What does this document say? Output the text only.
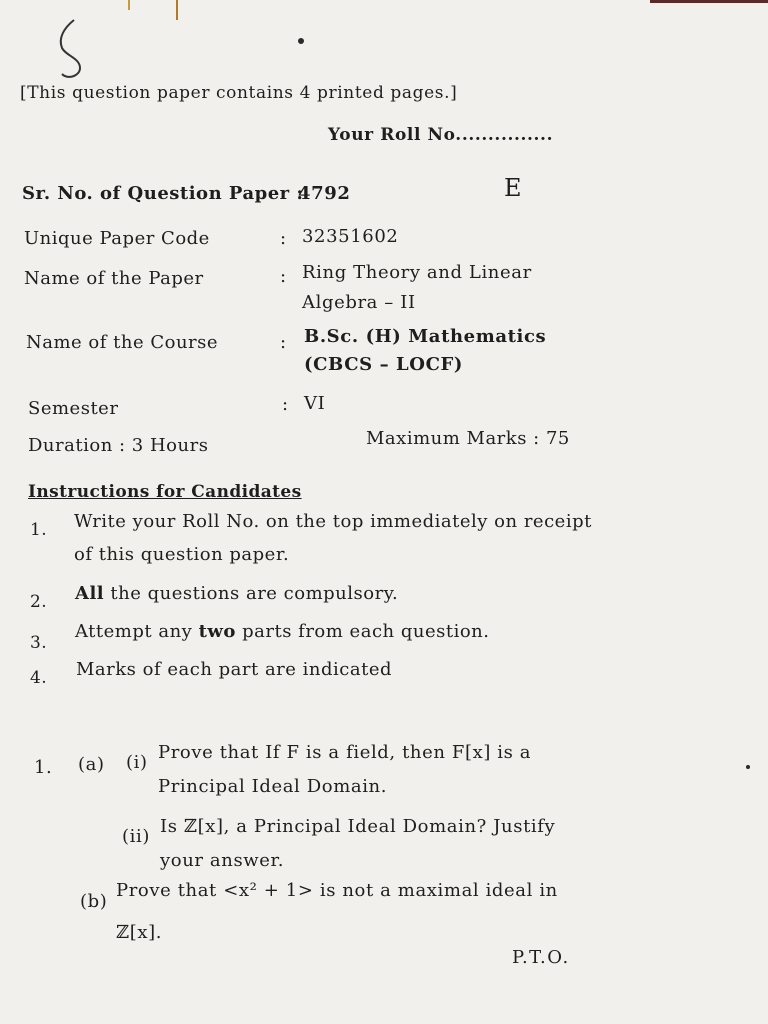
[This question paper contains 4 printed pages.]
Your Roll No...............
Sr. No. of Question Paper :
4792	E
Unique Paper Code	: 32351602
Name of the Paper	: Ring Theory and Linear
Algebra – II
Name of the Course	: B.Sc. (H) Mathematics
(CBCS – LOCF)
Semester	: VI
Duration : 3 Hours	Maximum Marks : 75
Instructions for Candidates
1. Write your Roll No. on the top immediately on receipt
of this question paper.
2. All the questions are compulsory.
3.
Attempt any two parts from each question.
4. Marks of each part are indicated
1. (a) (i) Prove that If F is a field, then F[x] is a
Principal Ideal Domain.
(ii) Is ℤ[x], a Principal Ideal Domain? Justify
your answer.
(b)
Prove that <x² + 1> is not a maximal ideal in
ℤ[x].
P.T.O.
